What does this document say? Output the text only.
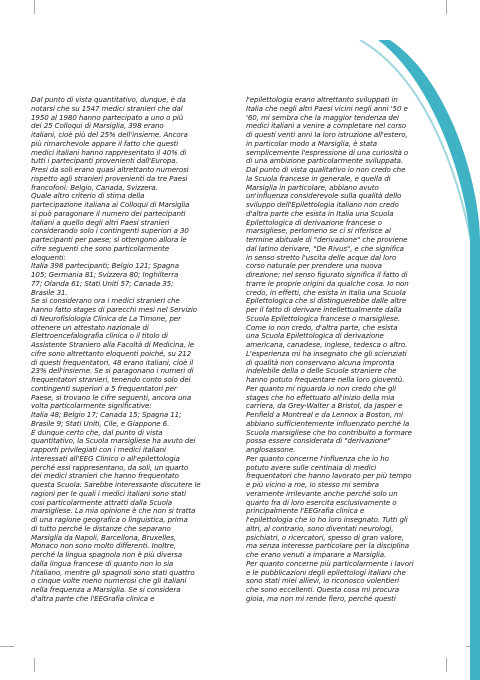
Dal punto di vista quantitativo, dunque, è da
notarsi che su 1547 medici stranieri che dal
1950 al 1980 hanno partecipato a uno o più
dei 25 Colloqui di Marsiglia, 398 erano
italiani, cioè più del 25% dell'insieme. Ancora
più rimarchevole appare il fatto che questi
medici italiani hanno rappresentato il 40% di
tutti i partecipanti provenienti dall'Europa.
Presi da soli erano quasi altrettanto numerosi
rispetto agli stranieri provenienti da tre Paesi
francofoni: Belgio, Canada, Svizzera.
Quale altro criterio di stima della
partecipazione italiana ai Colloqui di Marsiglia
si può paragonare il numero dei partecipanti
italiani a quello degli altri Paesi stranieri
considerando solo i contingenti superiori a 30
partecipanti per paese; si ottengono allora le
cifre seguenti che sono particolarmente
eloquenti:
Italia 398 partecipanti; Belgio 121; Spagna
105; Germania 81; Svizzera 80; Inghilterra
77; Olanda 61; Stati Uniti 57; Canada 35;
Brasile 31.
Se si considerano ora i medici stranieri che
hanno fatto stages di parecchi mesi nel Servizio
di Neurofisiologia Clinica de La Timone, per
ottenere un attestato nazionale di
Elettroencefalografia clinica o il titolo di
Assistente Straniero alla Facoltà di Medicina, le
cifre sono altrettanto eloquenti poiché, su 212
di questi frequentatori, 48 erano italiani, cioè il
23% dell'insieme. Se si paragonano i numeri di
frequentatori stranieri, tenendo conto solo dei
contingenti superiori a 5 frequentatori per
Paese, si trovano le cifre seguenti, ancora una
volta particolarmente significative:
Italia 48; Belgio 17; Canada 15; Spagna 11;
Brasile 9; Stati Uniti, Cile, e Giappone 6.
È dunque certo che, dal punto di vista
quantitativo, la Scuola marsigliese ha avuto dei
rapporti privilegiati con i medici italiani
interessati all'EEG Clinico o all'epilettologia
perché essi rappresentano, da soli, un quarto
dei medici stranieri che hanno frequentato
questa Scuola. Sarebbe interessante discutere le
ragioni per le quali i medici italiani sono stati
così particolarmente attratti dalla Scuola
marsigliese. La mia opinione è che non si tratta
di una ragione geografica o linguistica, prima
di tutto perché le distanze che separano
Marsiglia da Napoli, Barcellona, Bruxelles,
Monaco non sono molto differenti. Inoltre,
perché la lingua spagnola non è più diversa
dalla lingua francese di quanto non lo sia
l'italiano, mentre gli spagnoli sono stati quattro
o cinque volte meno numerosi che gli italiani
nella frequenza a Marsiglia. Se si considera
d'altra parte che l'EEGrafia clinica e

l'epilettologia erano altrettanto sviluppati in
Italia che negli altri Paesi vicini negli anni '50 e
'60, mi sembra che la maggior tendenza dei
medici italiani a venire a completare nel corso
di questi venti anni la loro istruzione all'estero,
in particolar modo a Marsiglia, è stata
semplicemente l'espressione di una curiosità o
di una ambizione particolarmente sviluppata.
Dal punto di vista qualitativo io non credo che
la Scuola francese in generale, e quella di
Marsiglia in particolare, abbiano avuto
un'influenza considerevole sulla qualità dello
sviluppo dell'Epilettologia italiano non credo
d'altra parte che esista in Italia una Scuola
Epilettologica di derivazione francese o
marsigliese, perlomeno se ci si riferisce al
termine abituale di "derivazione" che proviene
dal latino derivare, "De Rivus", e che significa
in senso stretto l'uscita delle acque dal loro
corso naturale per prendere una nuova
direzione; nel senso figurato significa il fatto di
trarre le proprie origini da qualche cosa. Io non
credo, in effetti, che esista in Italia una Scuola
Epilettologica che si distinguerebbe dalle altre
per il fatto di derivare intellettualmente dalla
Scuola Epilettologica francese o marsigliese.
Come io non credo, d'altra parte, che esista
una Scuola Epilettologica di derivazione
americana, canadese, inglese, tedesca o altro.
L'esperienza mi ha insegnato che gli scienziati
di qualità non conservano alcuna impronta
indelebile della o delle Scuole straniere che
hanno potuto frequentare nella loro gioventù.
Per quanto mi riguarda io non credo che gli
stages che ho effettuato all'inizio della mia
carriera, da Grey-Walter a Bristol, da Jasper e
Penfield a Montreal e da Lennox a Boston, mi
abbiano sufficientemente influenzato perché la
Scuola marsigliese che ho contribuito a formare
possa essere considerata di "derivazione"
anglosassone.
Per quanto concerne l'influenza che io ho
potuto avere sulle centinaia di medici
frequentatori che hanno lavorato per più tempo
e più vicino a me, io stesso mi sembra
veramente irrilevante anche perché solo un
quarto fra di loro esercita esclusivamente o
principalmente l'EEGrafia clinica e
l'epilettologia che io ho loro insegnato. Tutti gli
altri, al contrario, sono diventati neurologi,
psichiatri, o ricercatori, spesso di gran valore,
ma senza interesse particolare per la disciplina
che erano venuti a imparare a Marsiglia.
Per quanto concerne più particolarmente i lavori
e le pubblicazioni degli epilettologi italiani che
sono stati miei allievi, io riconosco volentieri
che sono eccellenti. Questa cosa mi procura
gioia, ma non mi rende fiero, perché questi
